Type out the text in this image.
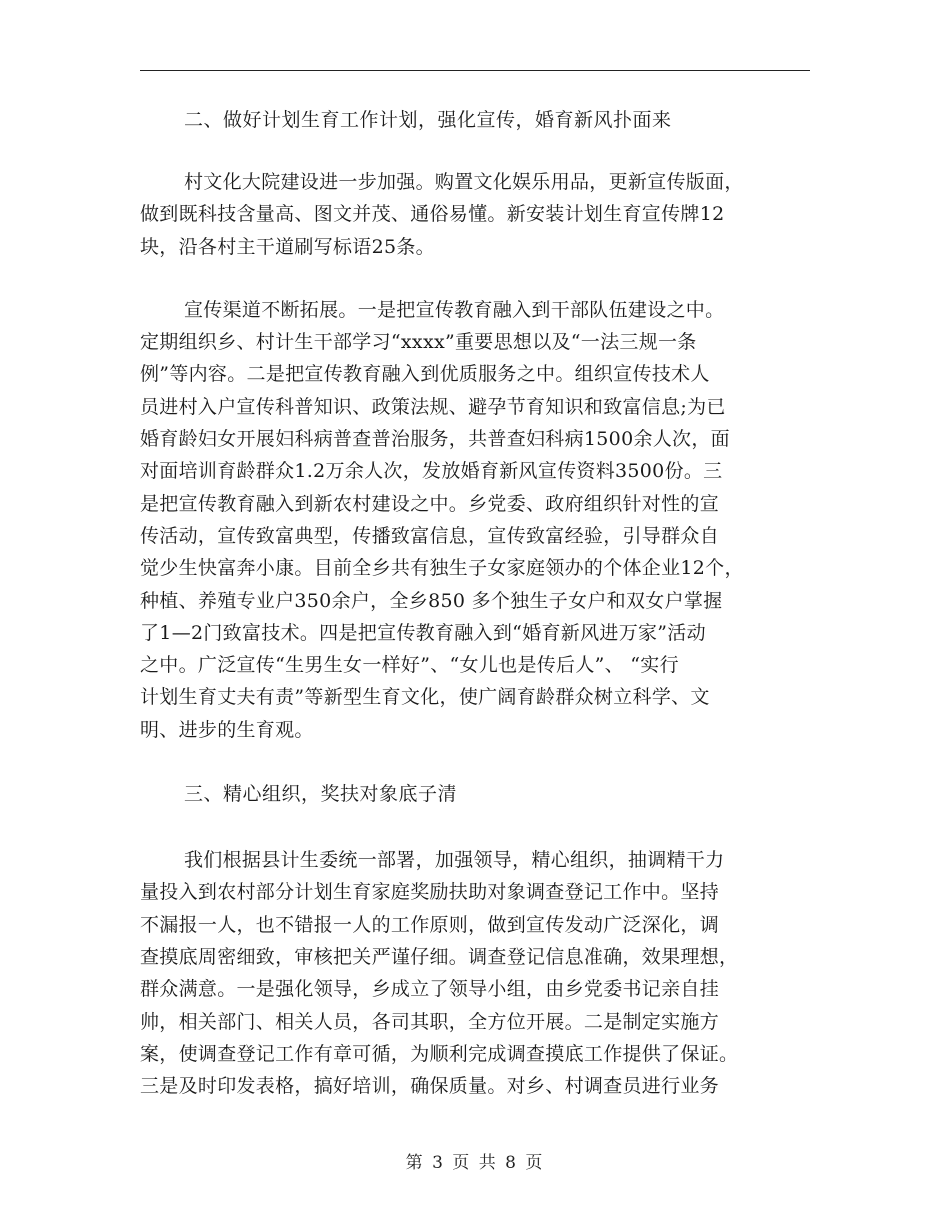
二、做好计划生育工作计划，强化宣传，婚育新风扑面来

村文化大院建设进一步加强。购置文化娱乐用品，更新宣传版面，
做到既科技含量高、图文并茂、通俗易懂。新安装计划生育宣传牌12
块，沿各村主干道刷写标语25条。
宣传渠道不断拓展。一是把宣传教育融入到干部队伍建设之中。
定期组织乡、村计生干部学习“xxxx”重要思想以及“一法三规一条
例”等内容。二是把宣传教育融入到优质服务之中。组织宣传技术人
员进村入户宣传科普知识、政策法规、避孕节育知识和致富信息;为已
婚育龄妇女开展妇科病普查普治服务，共普查妇科病1500余人次，面
对面培训育龄群众1.2万余人次，发放婚育新风宣传资料3500份。三
是把宣传教育融入到新农村建设之中。乡党委、政府组织针对性的宣
传活动，宣传致富典型，传播致富信息，宣传致富经验，引导群众自
觉少生快富奔小康。目前全乡共有独生子女家庭领办的个体企业12个，
种植、养殖专业户350余户，全乡850 多个独生子女户和双女户掌握
了1—2门致富技术。四是把宣传教育融入到“婚育新风进万家”活动
之中。广泛宣传“生男生女一样好”、“女儿也是传后人”、 “实行
计划生育丈夫有责”等新型生育文化，使广阔育龄群众树立科学、文
明、进步的生育观。

三、精心组织，奖扶对象底子清

我们根据县计生委统一部署，加强领导，精心组织，抽调精干力
量投入到农村部分计划生育家庭奖励扶助对象调查登记工作中。坚持
不漏报一人，也不错报一人的工作原则，做到宣传发动广泛深化，调
查摸底周密细致，审核把关严谨仔细。调查登记信息准确，效果理想，
群众满意。一是强化领导，乡成立了领导小组，由乡党委书记亲自挂
帅，相关部门、相关人员，各司其职，全方位开展。二是制定实施方
案，使调查登记工作有章可循，为顺利完成调查摸底工作提供了保证。
三是及时印发表格，搞好培训，确保质量。对乡、村调查员进行业务
第 3 页 共 8 页
